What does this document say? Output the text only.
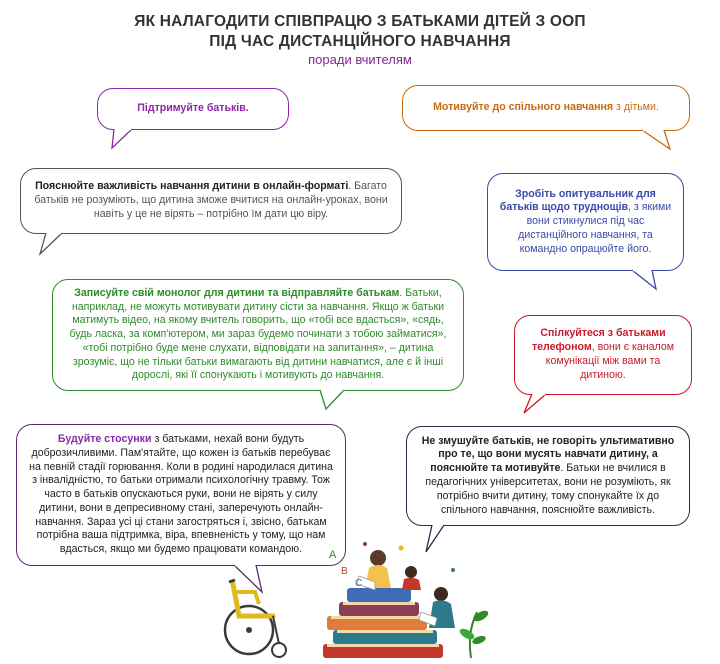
ЯК НАЛАГОДИТИ СПІВПРАЦЮ З БАТЬКАМИ ДІТЕЙ З ООП
ПІД ЧАС ДИСТАНЦІЙНОГО НАВЧАННЯ
поради вчителям
Підтримуйте батьків.	Мотивуйте до спільного навчання з дітьми.
Пояснюйте важливість навчання дитини в онлайн-форматі. Багато батьків не розуміють, що дитина зможе вчитися на онлайн-уроках, вони навіть у це не вірять – потрібно їм дати цю віру.
Зробіть опитувальник для батьків щодо труднощів, з якими вони стикнулися під час дистанційного навчання, та командно опрацюйте його.
Записуйте свій монолог для дитини та відправляйте батькам. Батьки, наприклад, не можуть мотивувати дитину сісти за навчання. Якщо ж батьки матимуть відео, на якому вчитель говорить, що «тобі все вдасться», «сядь, будь ласка, за комп'ютером, ми зараз будемо починати з тобою займатися», «тобі потрібно буде мене слухати, відповідати на запитання», – дитина зрозуміє, що не тільки батьки вимагають від дитини навчатися, але є й інші дорослі, які її спонукають і мотивують до навчання.
Спілкуйтеся з батьками телефоном, вони є каналом комунікації між вами та дитиною.
Будуйте стосунки з батьками, нехай вони будуть доброзичливими. Пам'ятайте, що кожен із батьків перебуває на певній стадії горювання. Коли в родині народилася дитина з інвалідністю, то батьки отримали психологічну травму. Тож часто в батьків опускаються руки, вони не вірять у силу дитини, вони в депресивному стані, заперечують онлайн-навчання. Зараз усі ці стани загостряться і, звісно, батькам потрібна ваша підтримка, віра, впевненість у тому, що нам вдасться, якщо ми будемо працювати командою.
Не змушуйте батьків, не говоріть ультимативно про те, що вони мусять навчати дитину, а пояснюйте та мотивуйте. Батьки не вчилися в педагогічних університетах, вони не розуміють, як потрібно вчити дитину, тому спонукайте їх до спільного навчання, пояснюйте важливість.
A
B
C
